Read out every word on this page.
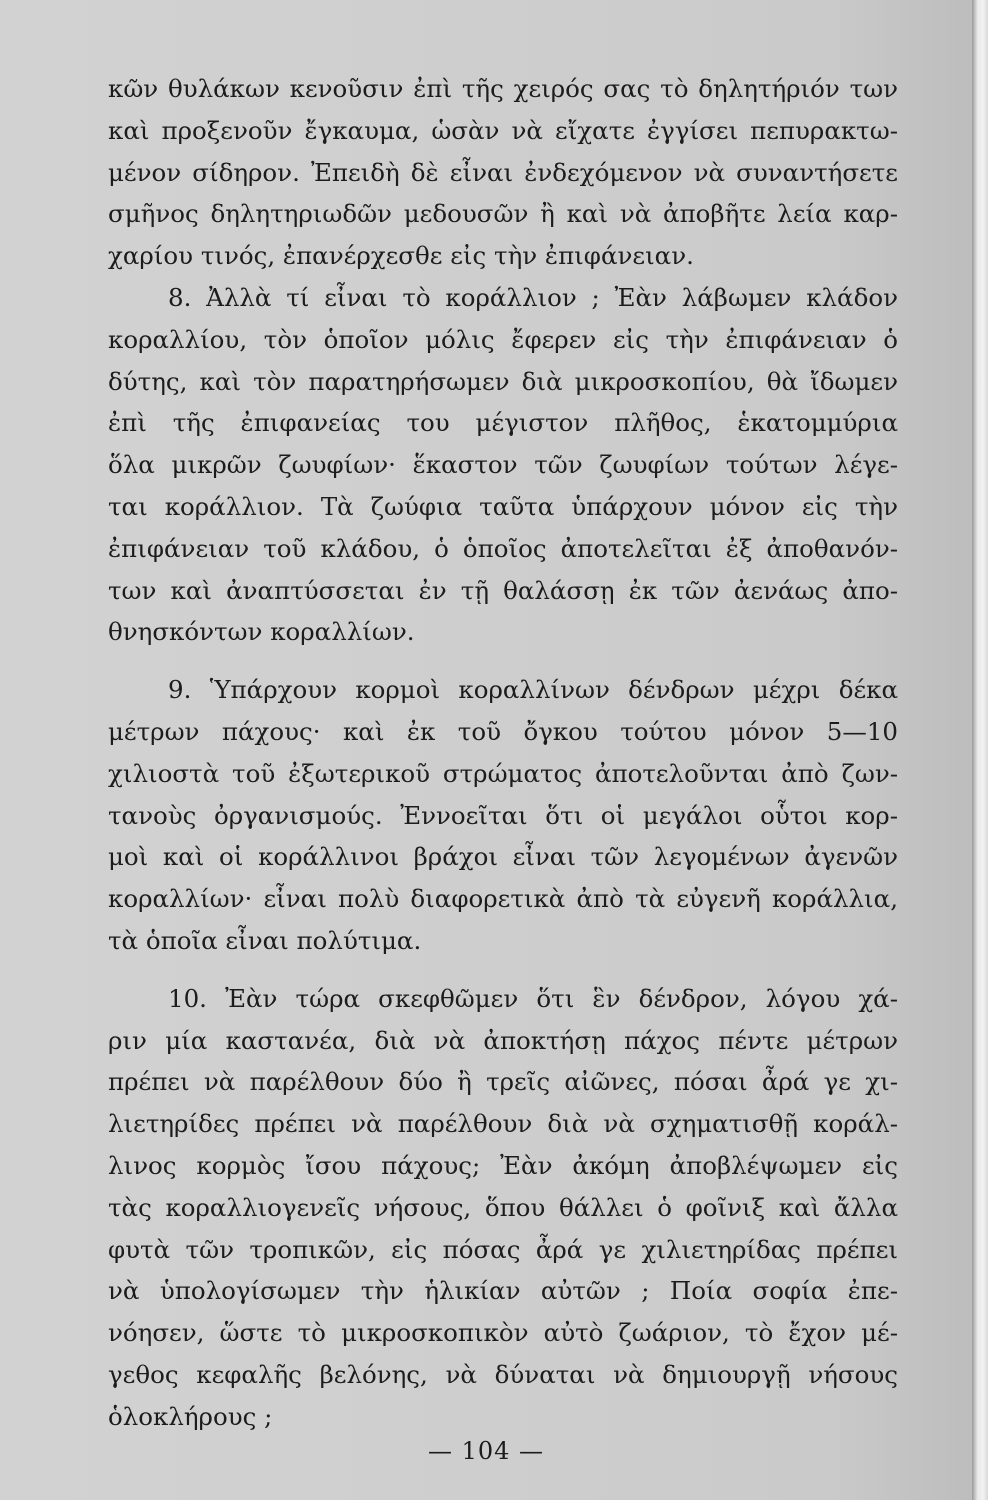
κῶν θυλάκων κενοῦσιν ἐπὶ τῆς χειρός σας τὸ δηλητήριόν των
καὶ προξενοῦν ἔγκαυμα, ὡσὰν νὰ εἴχατε ἐγγίσει πεπυρακτω-
μένον σίδηρον. Ἐπειδὴ δὲ εἶναι ἐνδεχόμενον νὰ συναντήσετε
σμῆνος δηλητηριωδῶν μεδουσῶν ἢ καὶ νὰ ἀποβῆτε λεία καρ-
χαρίου τινός, ἐπανέρχεσθε εἰς τὴν ἐπιφάνειαν.
8. Ἀλλὰ τί εἶναι τὸ κοράλλιον ; Ἐὰν λάβωμεν κλάδον
κοραλλίου, τὸν ὁποῖον μόλις ἔφερεν εἰς τὴν ἐπιφάνειαν ὁ
δύτης, καὶ τὸν παρατηρήσωμεν διὰ μικροσκοπίου, θὰ ἴδωμεν
ἐπὶ τῆς ἐπιφανείας του μέγιστον πλῆθος, ἑκατομμύρια
ὅλα μικρῶν ζωυφίων· ἕκαστον τῶν ζωυφίων τούτων λέγε-
ται κοράλλιον. Τὰ ζωύφια ταῦτα ὑπάρχουν μόνον εἰς τὴν
ἐπιφάνειαν τοῦ κλάδου, ὁ ὁποῖος ἀποτελεῖται ἐξ ἀποθανόν-
των καὶ ἀναπτύσσεται ἐν τῇ θαλάσσῃ ἐκ τῶν ἀενάως ἀπο-
θνησκόντων κοραλλίων.
9. Ὑπάρχουν κορμοὶ κοραλλίνων δένδρων μέχρι δέκα
μέτρων πάχους· καὶ ἐκ τοῦ ὄγκου τούτου μόνον 5—10
χιλιοστὰ τοῦ ἐξωτερικοῦ στρώματος ἀποτελοῦνται ἀπὸ ζων-
τανοὺς ὀργανισμούς. Ἐννοεῖται ὅτι οἱ μεγάλοι οὗτοι κορ-
μοὶ καὶ οἱ κοράλλινοι βράχοι εἶναι τῶν λεγομένων ἀγενῶν
κοραλλίων· εἶναι πολὺ διαφορετικὰ ἀπὸ τὰ εὐγενῆ κοράλλια,
τὰ ὁποῖα εἶναι πολύτιμα.
10. Ἐὰν τώρα σκεφθῶμεν ὅτι ἓν δένδρον, λόγου χά-
ριν μία καστανέα, διὰ νὰ ἀποκτήσῃ πάχος πέντε μέτρων
πρέπει νὰ παρέλθουν δύο ἢ τρεῖς αἰῶνες, πόσαι ἆρά γε χι-
λιετηρίδες πρέπει νὰ παρέλθουν διὰ νὰ σχηματισθῇ κοράλ-
λινος κορμὸς ἴσου πάχους; Ἐὰν ἀκόμη ἀποβλέψωμεν εἰς
τὰς κοραλλιογενεῖς νήσους, ὅπου θάλλει ὁ φοῖνιξ καὶ ἄλλα
φυτὰ τῶν τροπικῶν, εἰς πόσας ἆρά γε χιλιετηρίδας πρέπει
νὰ ὑπολογίσωμεν τὴν ἡλικίαν αὐτῶν ; Ποία σοφία ἐπε-
νόησεν, ὥστε τὸ μικροσκοπικὸν αὐτὸ ζωάριον, τὸ ἔχον μέ-
γεθος κεφαλῆς βελόνης, νὰ δύναται νὰ δημιουργῇ νήσους
ὁλοκλήρους ;
— 104 —
